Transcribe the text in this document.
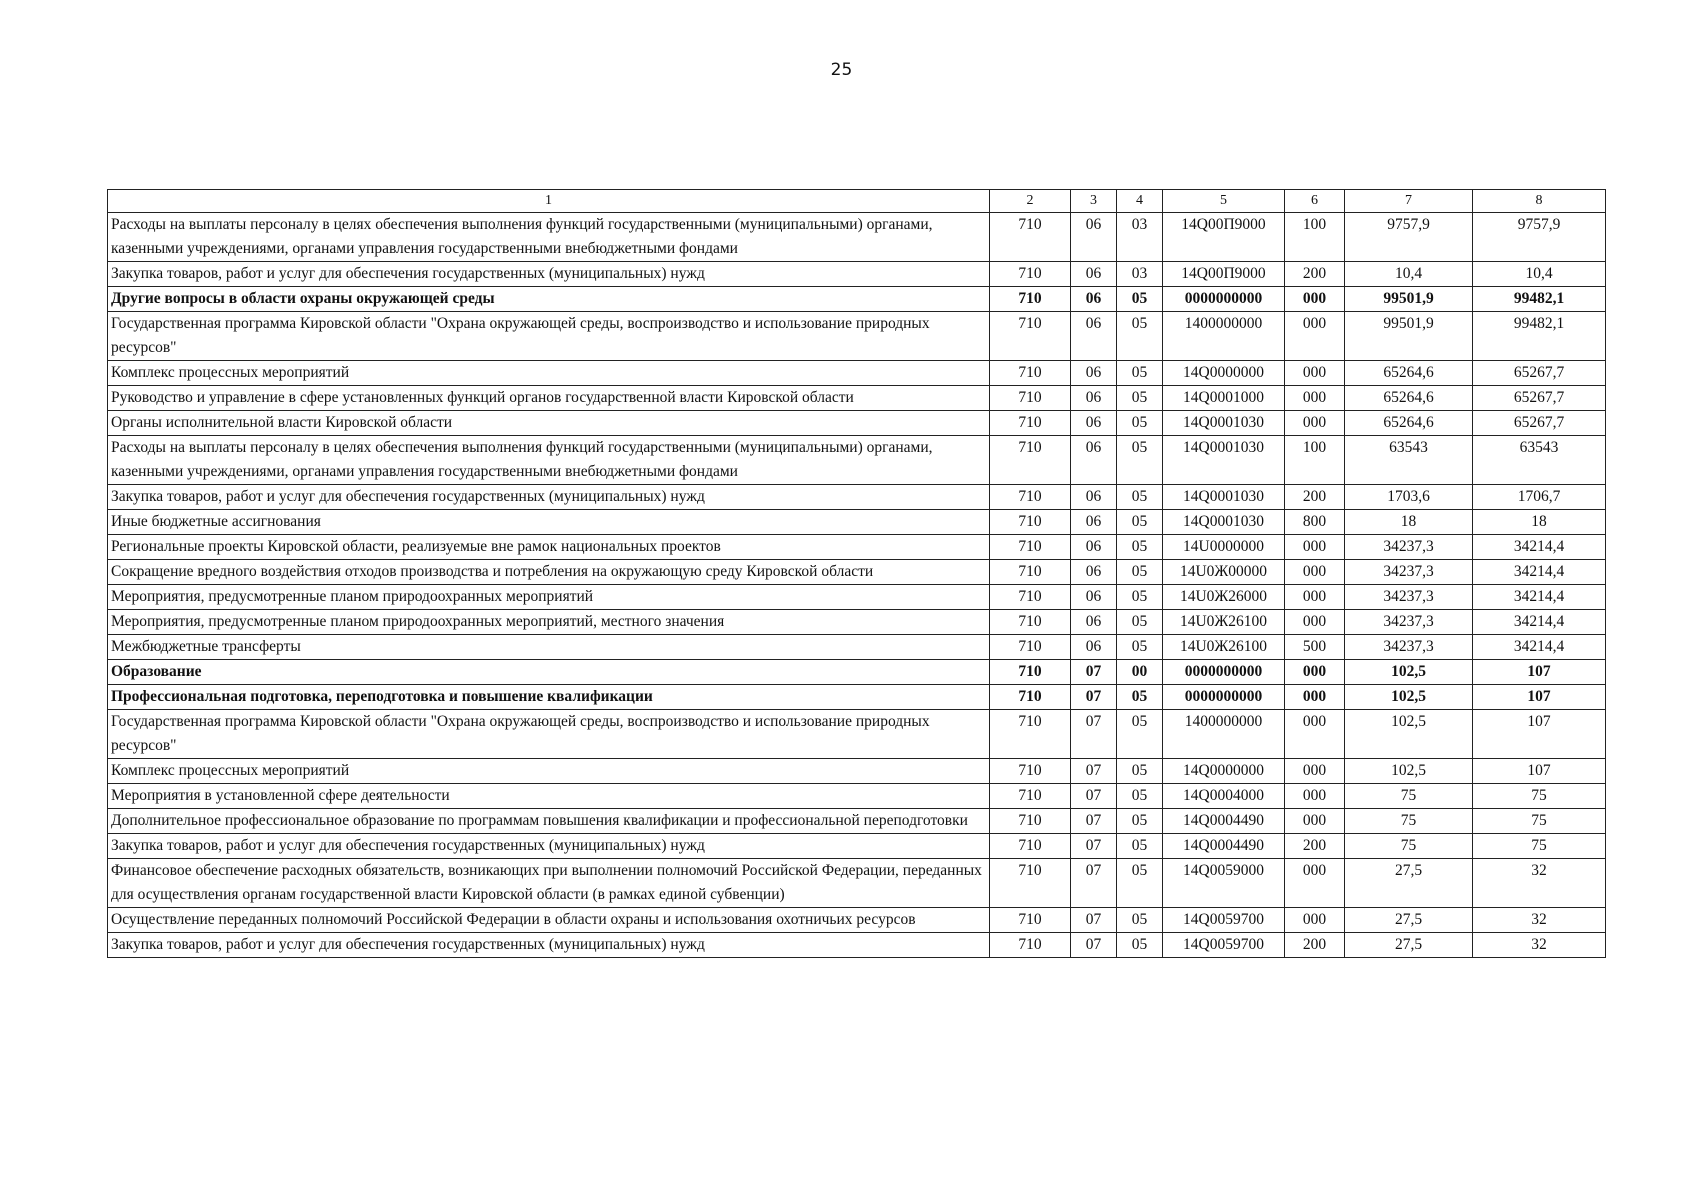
25
1	2	3	4	5	6	7	8
Расходы на выплаты персоналу в целях обеспечения выполнения функций государственными (муниципальными) органами, казенными учреждениями, органами управления государственными внебюджетными фондами	710	06	03	14Q00П9000	100	9757,9	9757,9
Закупка товаров, работ и услуг для обеспечения государственных (муниципальных) нужд	710	06	03	14Q00П9000	200	10,4	10,4
Другие вопросы в области охраны окружающей среды	710	06	05	0000000000	000	99501,9	99482,1
Государственная программа Кировской области "Охрана окружающей среды, воспроизводство и использование природных ресурсов"	710	06	05	1400000000	000	99501,9	99482,1
Комплекс процессных мероприятий	710	06	05	14Q0000000	000	65264,6	65267,7
Руководство и управление в сфере установленных функций органов государственной власти Кировской области	710	06	05	14Q0001000	000	65264,6	65267,7
Органы исполнительной власти Кировской области	710	06	05	14Q0001030	000	65264,6	65267,7
Расходы на выплаты персоналу в целях обеспечения выполнения функций государственными (муниципальными) органами, казенными учреждениями, органами управления государственными внебюджетными фондами	710	06	05	14Q0001030	100	63543	63543
Закупка товаров, работ и услуг для обеспечения государственных (муниципальных) нужд	710	06	05	14Q0001030	200	1703,6	1706,7
Иные бюджетные ассигнования	710	06	05	14Q0001030	800	18	18
Региональные проекты Кировской области, реализуемые вне рамок национальных проектов	710	06	05	14U0000000	000	34237,3	34214,4
Сокращение вредного воздействия отходов производства и потребления на окружающую среду Кировской области	710	06	05	14U0Ж00000	000	34237,3	34214,4
Мероприятия, предусмотренные планом природоохранных мероприятий	710	06	05	14U0Ж26000	000	34237,3	34214,4
Мероприятия, предусмотренные планом природоохранных мероприятий, местного значения	710	06	05	14U0Ж26100	000	34237,3	34214,4
Межбюджетные трансферты	710	06	05	14U0Ж26100	500	34237,3	34214,4
Образование	710	07	00	0000000000	000	102,5	107
Профессиональная подготовка, переподготовка и повышение квалификации	710	07	05	0000000000	000	102,5	107
Государственная программа Кировской области "Охрана окружающей среды, воспроизводство и использование природных ресурсов"	710	07	05	1400000000	000	102,5	107
Комплекс процессных мероприятий	710	07	05	14Q0000000	000	102,5	107
Мероприятия в установленной сфере деятельности	710	07	05	14Q0004000	000	75	75
Дополнительное профессиональное образование по программам повышения квалификации и профессиональной переподготовки	710	07	05	14Q0004490	000	75	75
Закупка товаров, работ и услуг для обеспечения государственных (муниципальных) нужд	710	07	05	14Q0004490	200	75	75
Финансовое обеспечение расходных обязательств, возникающих при выполнении полномочий Российской Федерации, переданных для осуществления органам государственной власти Кировской области (в рамках единой субвенции)	710	07	05	14Q0059000	000	27,5	32
Осуществление переданных полномочий Российской Федерации в области охраны и использования охотничьих ресурсов	710	07	05	14Q0059700	000	27,5	32
Закупка товаров, работ и услуг для обеспечения государственных (муниципальных) нужд	710	07	05	14Q0059700	200	27,5	32
